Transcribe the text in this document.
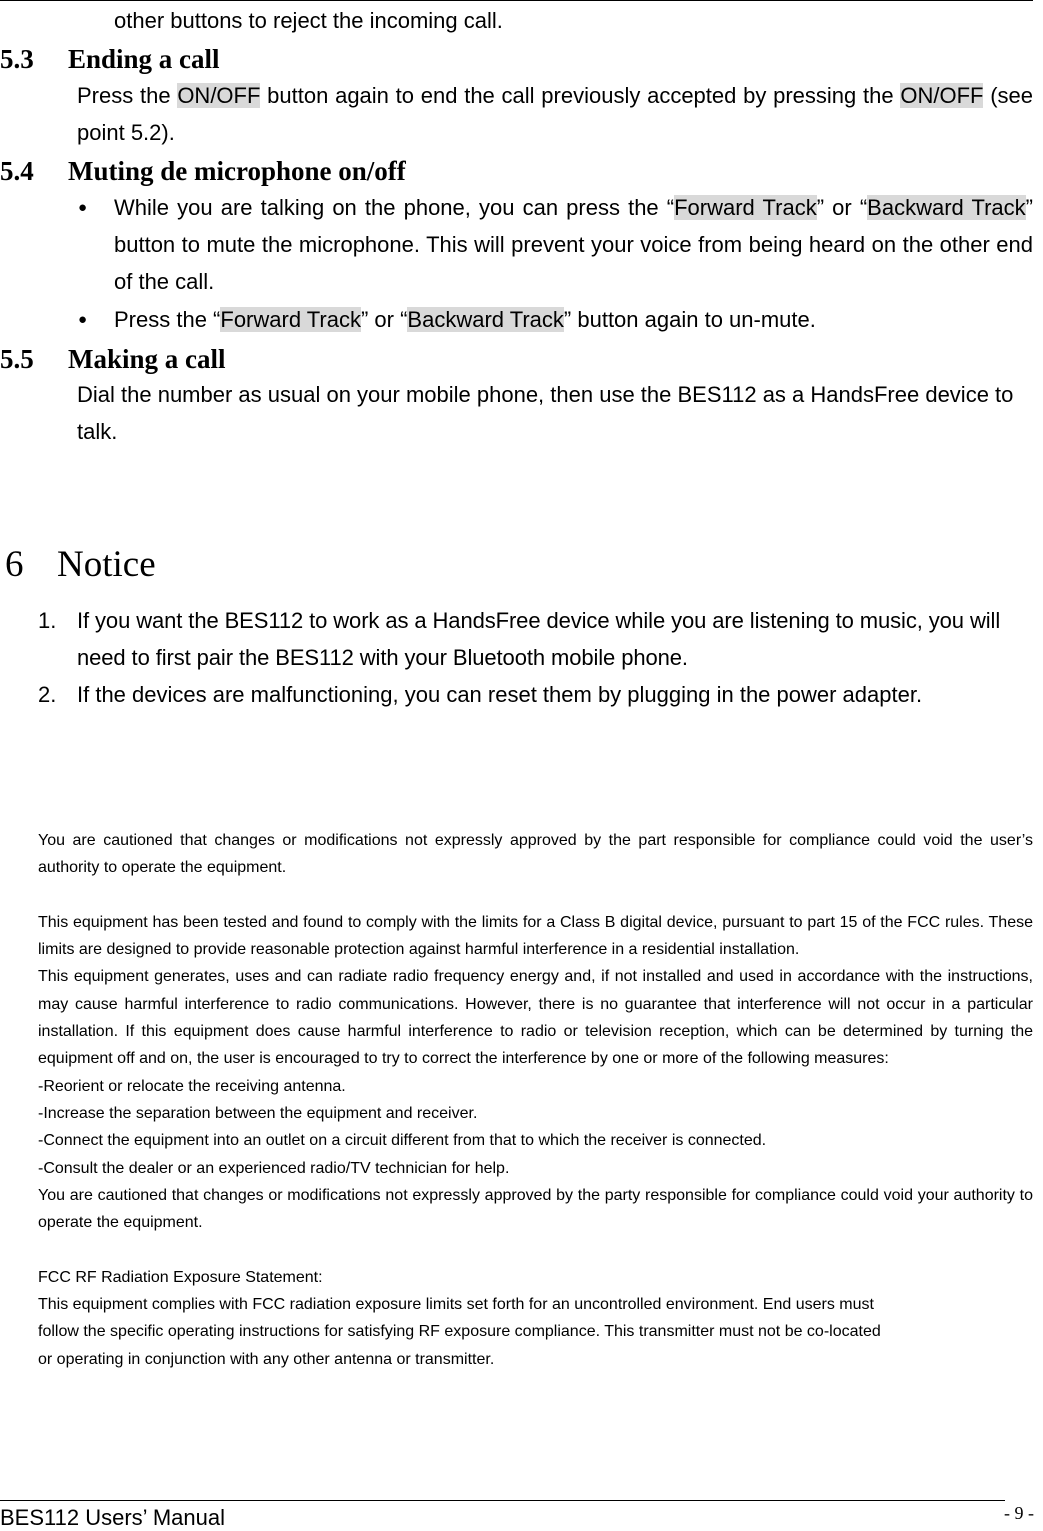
other buttons to reject the incoming call.
5.3 Ending a call
Press the ON/OFF button again to end the call previously accepted by pressing the ON/OFF (see point 5.2).
5.4 Muting de microphone on/off
● While you are talking on the phone, you can press the “Forward Track” or “Backward Track” button to mute the microphone. This will prevent your voice from being heard on the other end of the call.
● Press the “Forward Track” or “Backward Track” button again to un-mute.
5.5 Making a call
Dial the number as usual on your mobile phone, then use the BES112 as a HandsFree device to talk.
6 Notice
1. If you want the BES112 to work as a HandsFree device while you are listening to music, you will need to first pair the BES112 with your Bluetooth mobile phone.
2. If the devices are malfunctioning, you can reset them by plugging in the power adapter.

You are cautioned that changes or modifications not expressly approved by the part responsible for compliance could void the user’s authority to operate the equipment.

This equipment has been tested and found to comply with the limits for a Class B digital device, pursuant to part 15 of the FCC rules. These limits are designed to provide reasonable protection against harmful interference in a residential installation.

This equipment generates, uses and can radiate radio frequency energy and, if not installed and used in accordance with the instructions, may cause harmful interference to radio communications. However, there is no guarantee that interference will not occur in a particular installation. If this equipment does cause harmful interference to radio or television reception, which can be determined by turning the equipment off and on, the user is encouraged to try to correct the interference by one or more of the following measures:

-Reorient or relocate the receiving antenna.

-Increase the separation between the equipment and receiver.

-Connect the equipment into an outlet on a circuit different from that to which the receiver is connected.

-Consult the dealer or an experienced radio/TV technician for help.

You are cautioned that changes or modifications not expressly approved by the party responsible for compliance could void your authority to operate the equipment.

FCC RF Radiation Exposure Statement:

This equipment complies with FCC radiation exposure limits set forth for an uncontrolled environment. End users must

follow the specific operating instructions for satisfying RF exposure compliance. This transmitter must not be co-located

or operating in conjunction with any other antenna or transmitter.

BES112 Users’ Manual	- 9 -
